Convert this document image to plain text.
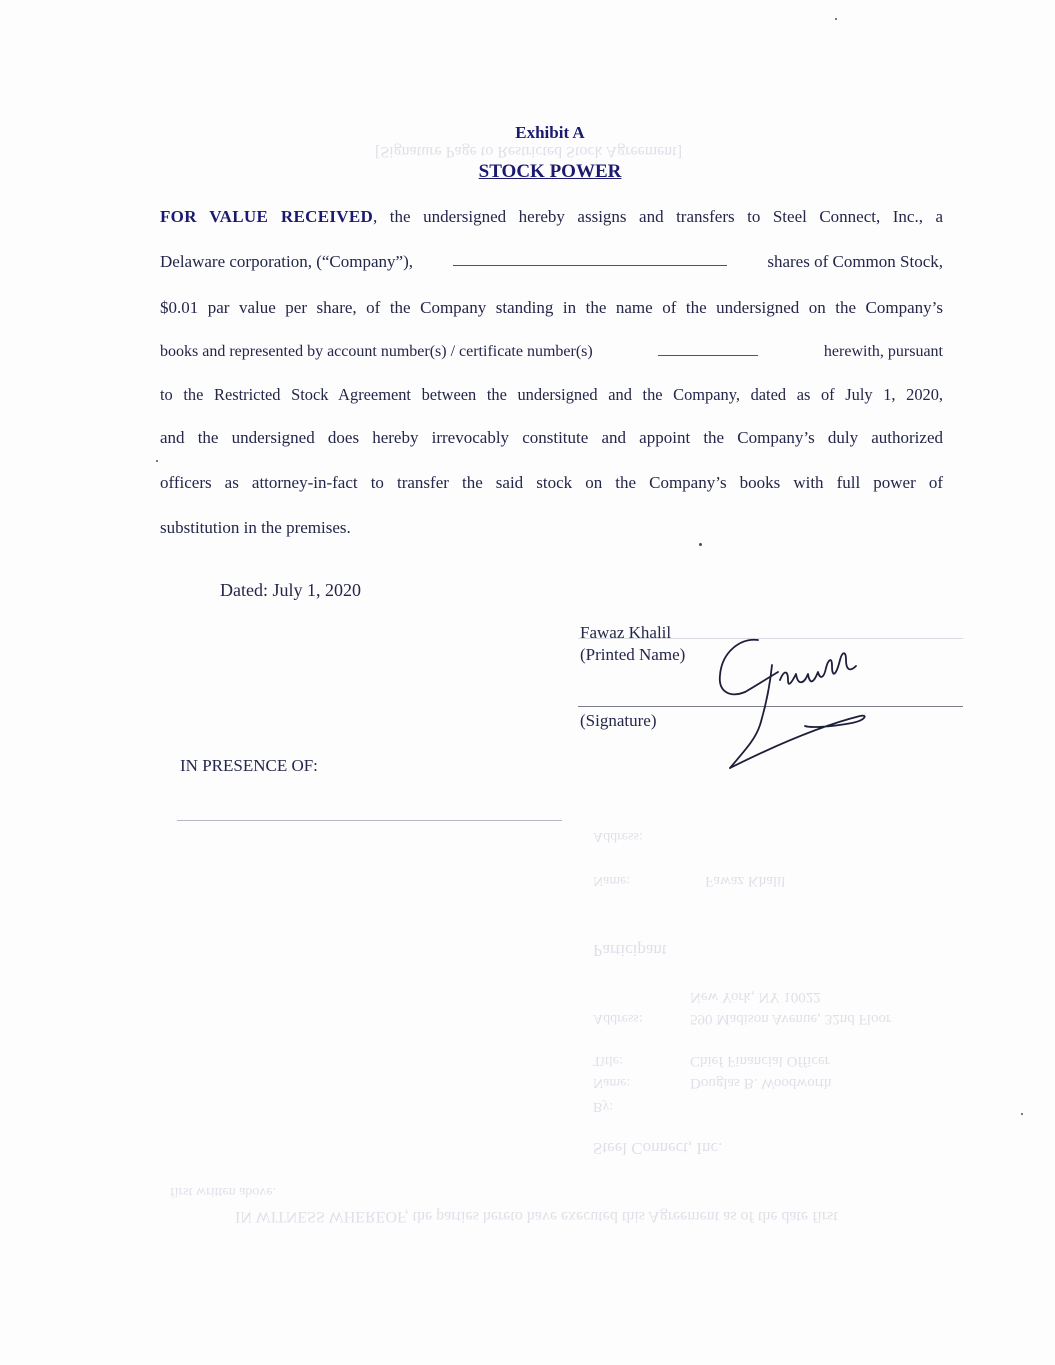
[Signature Page to Restricted Stock Agreement]
IN WITNESS WHEREOF, the parties hereto have executed this Agreement as of the date first
first written above.
Steel Connect, Inc.
By:
Name:	Douglas B. Woodworth
Title:	Chief Financial Officer
Address:	590 Madison Avenue, 32nd Floor
New York, NY 10022
Participant
Name:	Fawaz Khalil
Address:
Exhibit A
STOCK POWER
FOR VALUE RECEIVED, the undersigned hereby assigns and transfers to Steel Connect, Inc., a
Delaware corporation, (“Company”),	shares of Common Stock,
$0.01 par value per share, of the Company standing in the name of the undersigned on the Company’s
books and represented by account number(s) / certificate number(s)	herewith, pursuant
to the Restricted Stock Agreement between the undersigned and the Company, dated as of July 1, 2020,
and the undersigned does hereby irrevocably constitute and appoint the Company’s duly authorized
officers as attorney-in-fact to transfer the said stock on the Company’s books with full power of
substitution in the premises.
Dated: July 1, 2020
Fawaz Khalil
(Printed Name)
(Signature)
IN PRESENCE OF:
